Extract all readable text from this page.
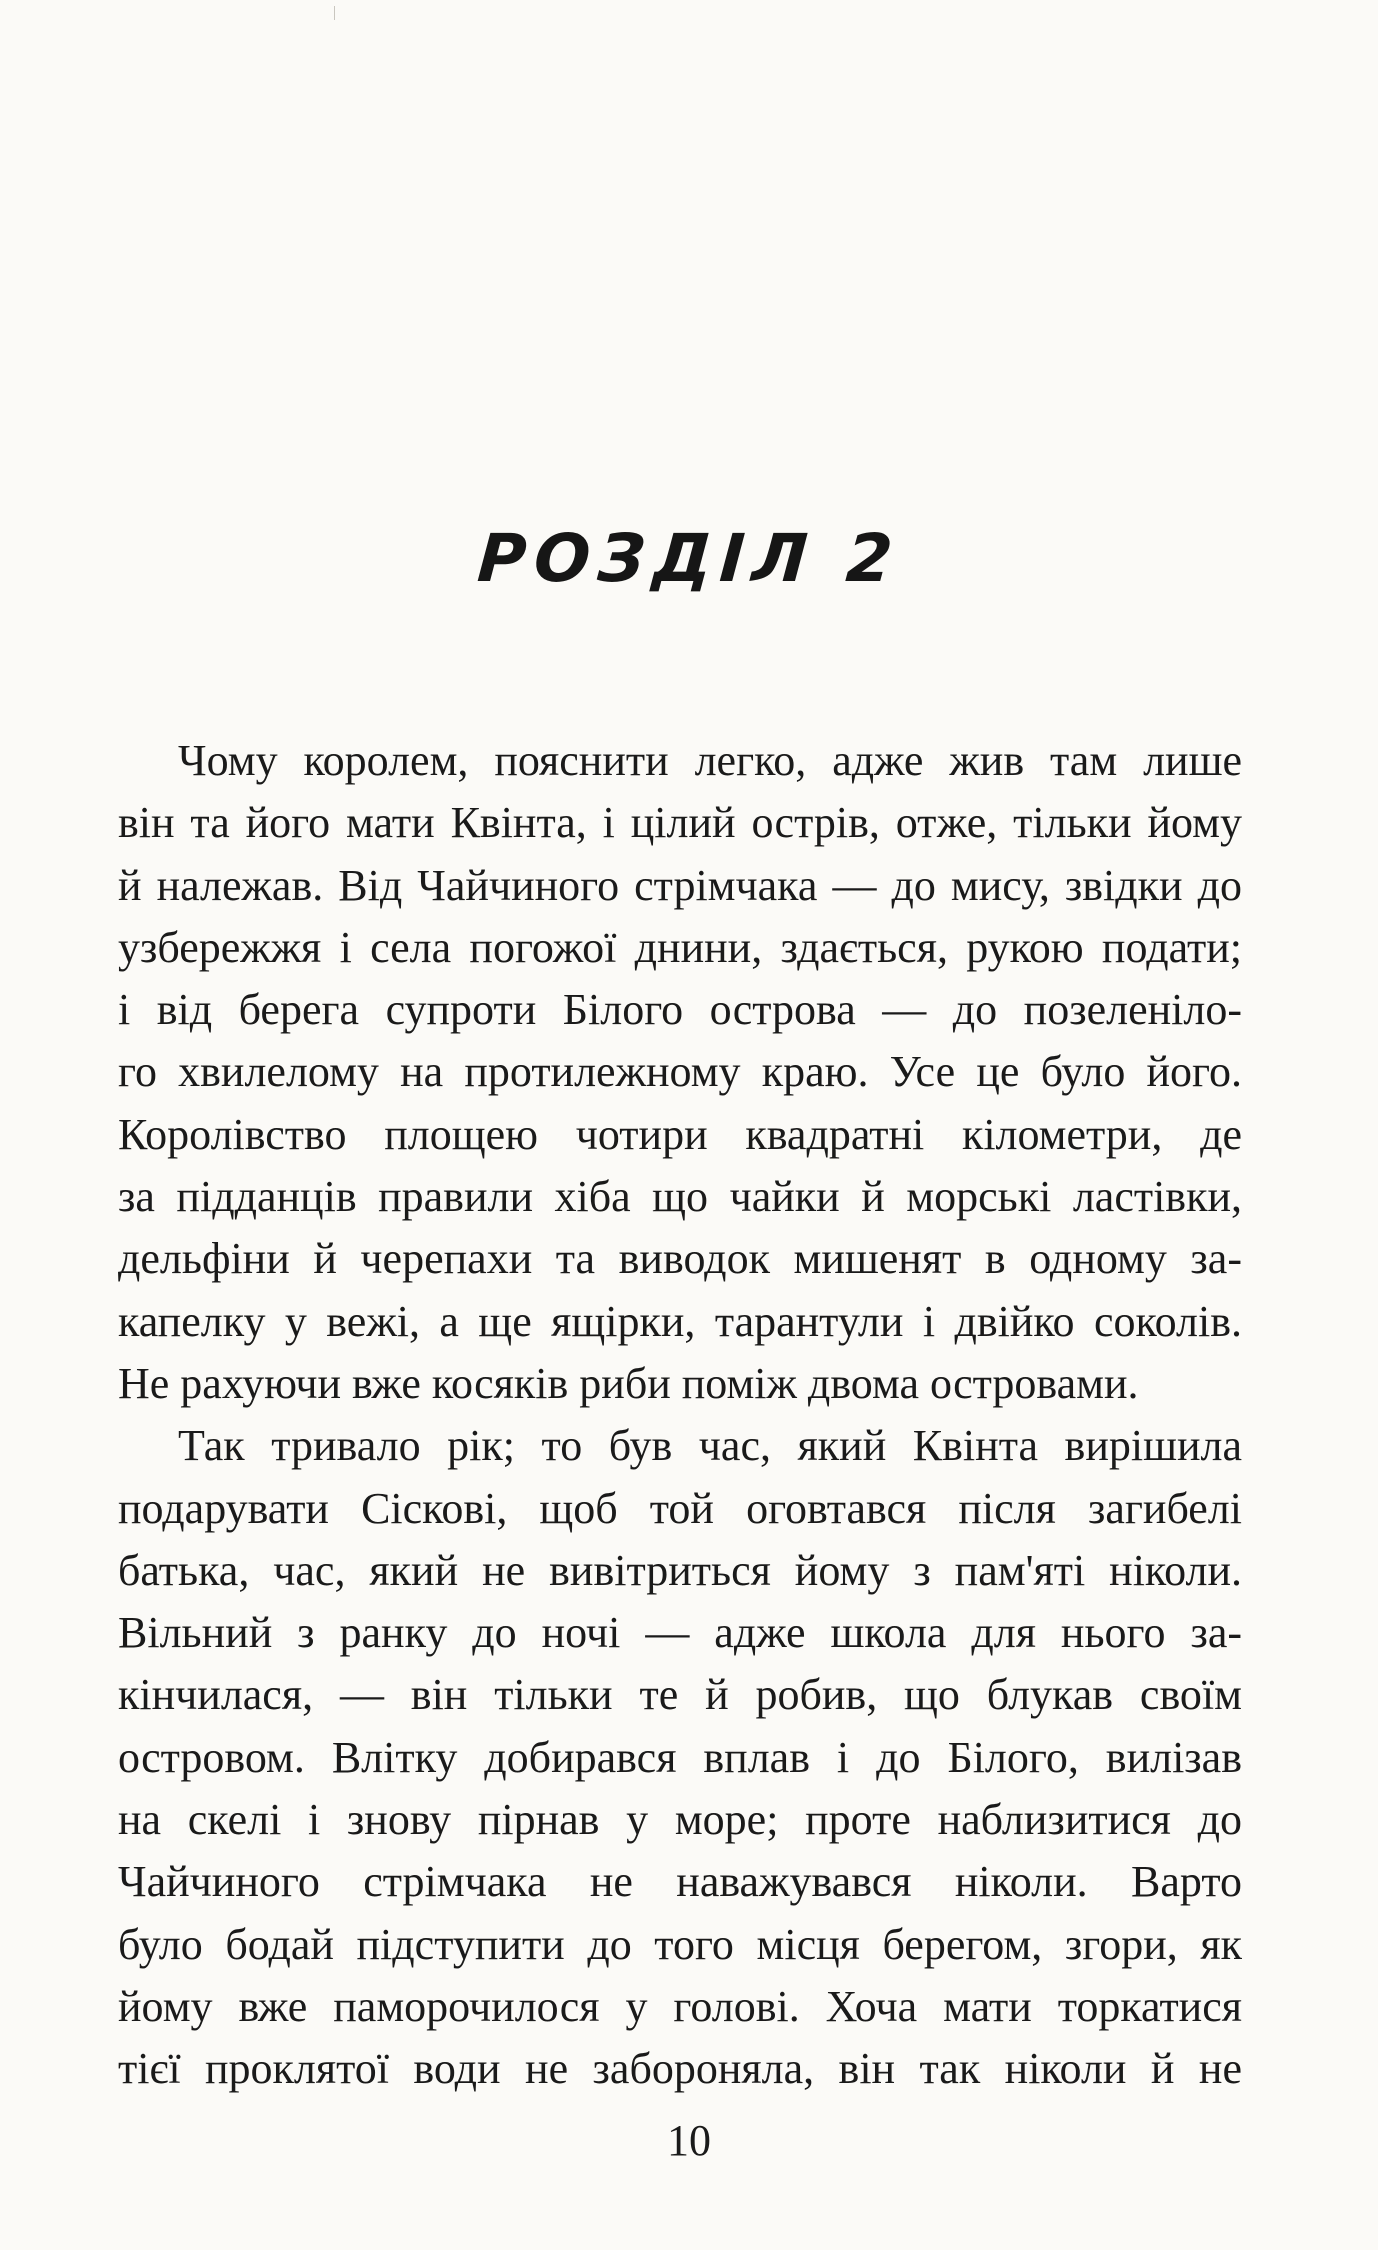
РОЗДІЛ 2
Чому королем, пояснити легко, адже жив там лише
він та його мати Квінта, і цілий острів, отже, тільки йому
й належав. Від Чайчиного стрімчака — до мису, звідки до
узбережжя і села погожої днини, здається, рукою подати;
і від берега супроти Білого острова — до позеленіло-
го хвилелому на протилежному краю. Усе це було його.
Королівство площею чотири квадратні кілометри, де
за підданців правили хіба що чайки й морські ластівки,
дельфіни й черепахи та виводок мишенят в одному за-
капелку у вежі, а ще ящірки, тарантули і двійко соколів.
Не рахуючи вже косяків риби поміж двома островами.
Так тривало рік; то був час, який Квінта вирішила
подарувати Сіскові, щоб той оговтався після загибелі
батька, час, який не вивітриться йому з пам'яті ніколи.
Вільний з ранку до ночі — адже школа для нього за-
кінчилася, — він тільки те й робив, що блукав своїм
островом. Влітку добирався вплав і до Білого, вилізав
на скелі і знову пірнав у море; проте наблизитися до
Чайчиного стрімчака не наважувався ніколи. Варто
було бодай підступити до того місця берегом, згори, як
йому вже паморочилося у голові. Хоча мати торкатися
тієї проклятої води не забороняла, він так ніколи й не
10
